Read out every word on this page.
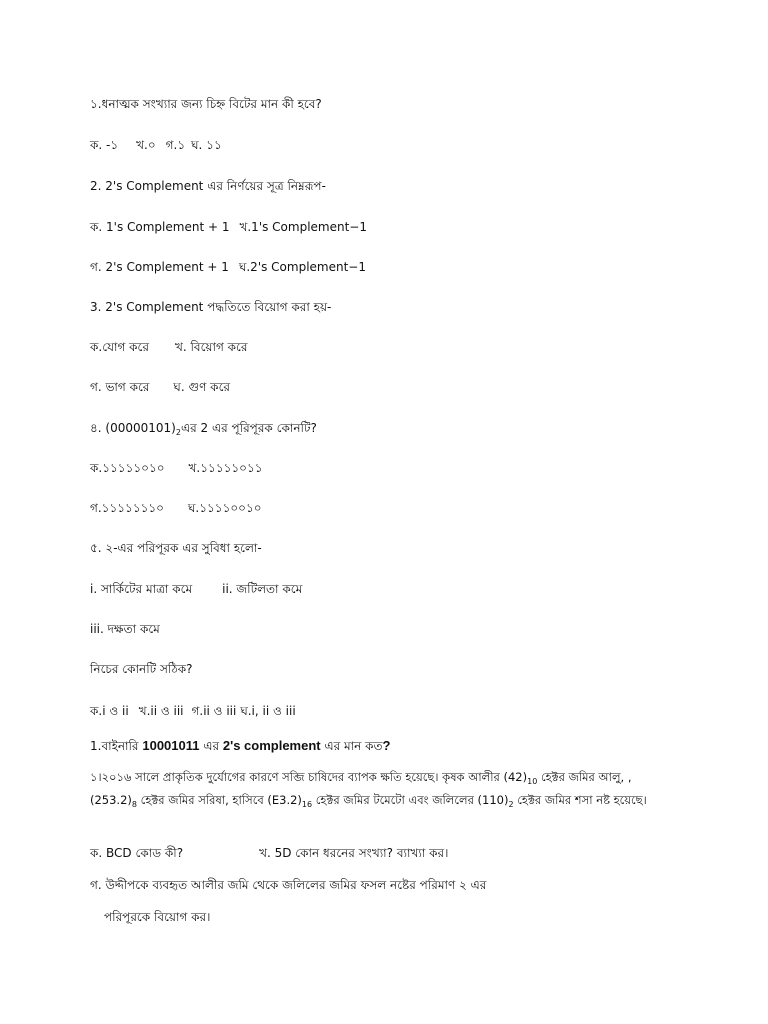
১.ধনাত্মক সংখ্যার জন্য চিহ্ন বিটের মান কী হবে?
ক. -১ খ.০ গ.১ ঘ. ১১
2. 2's Complement এর নির্ণয়ের সূত্র নিম্নরূপ-
ক. 1's Complement + 1 খ.1's Complement−1
গ. 2's Complement + 1 ঘ.2's Complement−1
3. 2's Complement পদ্ধতিতে বিয়োগ করা হয়-
ক.যোগ করে খ. বিয়োগ করে
গ. ভাগ করে ঘ. গুণ করে
৪. $(00000101)_2এর$ 2 এর পূরিপূরক কোনটি?
ক.১১১১১০১০ খ.১১১১১০১১
গ.১১১১১১১০ ঘ.১১১১০০১০
৫. ২-এর পরিপূরক এর সুবিধা হলো-
i. সার্কিটের মাত্রা কমে	ii. জটিলতা কমে
iii. দক্ষতা কমে
নিচের কোনটি সঠিক?
ক.i ও ii খ.ii ও iii গ.ii ও iii ঘ.i, ii ও iii
1.বাইনারি 10001011 এর 2's complement এর মান কত?
১।২০১৬ সালে প্রাকৃতিক দুর্যোগের কারণে সব্জি চাষিদের ব্যাপক ক্ষতি হয়েছে। কৃষক আলীর $(42)_{10}$ হেক্টর জমির আলু, ,
$(253.2)_8$ হেক্টর জমির সরিষা, হাসিবে $(E3.2)_{16}$ হেক্টর জমির টমেটো এবং জলিলের $(110)_2$ হেক্টর জমির শসা নষ্ট হয়েছে।
ক. BCD কোড কী?	খ. 5D কোন ধরনের সংখ্যা? ব্যাখ্যা কর।
গ. উদ্দীপকে ব্যবহৃত আলীর জমি থেকে জলিলের জমির ফসল নষ্টের পরিমাণ ২ এর
পরিপূরকে বিয়োগ কর।
